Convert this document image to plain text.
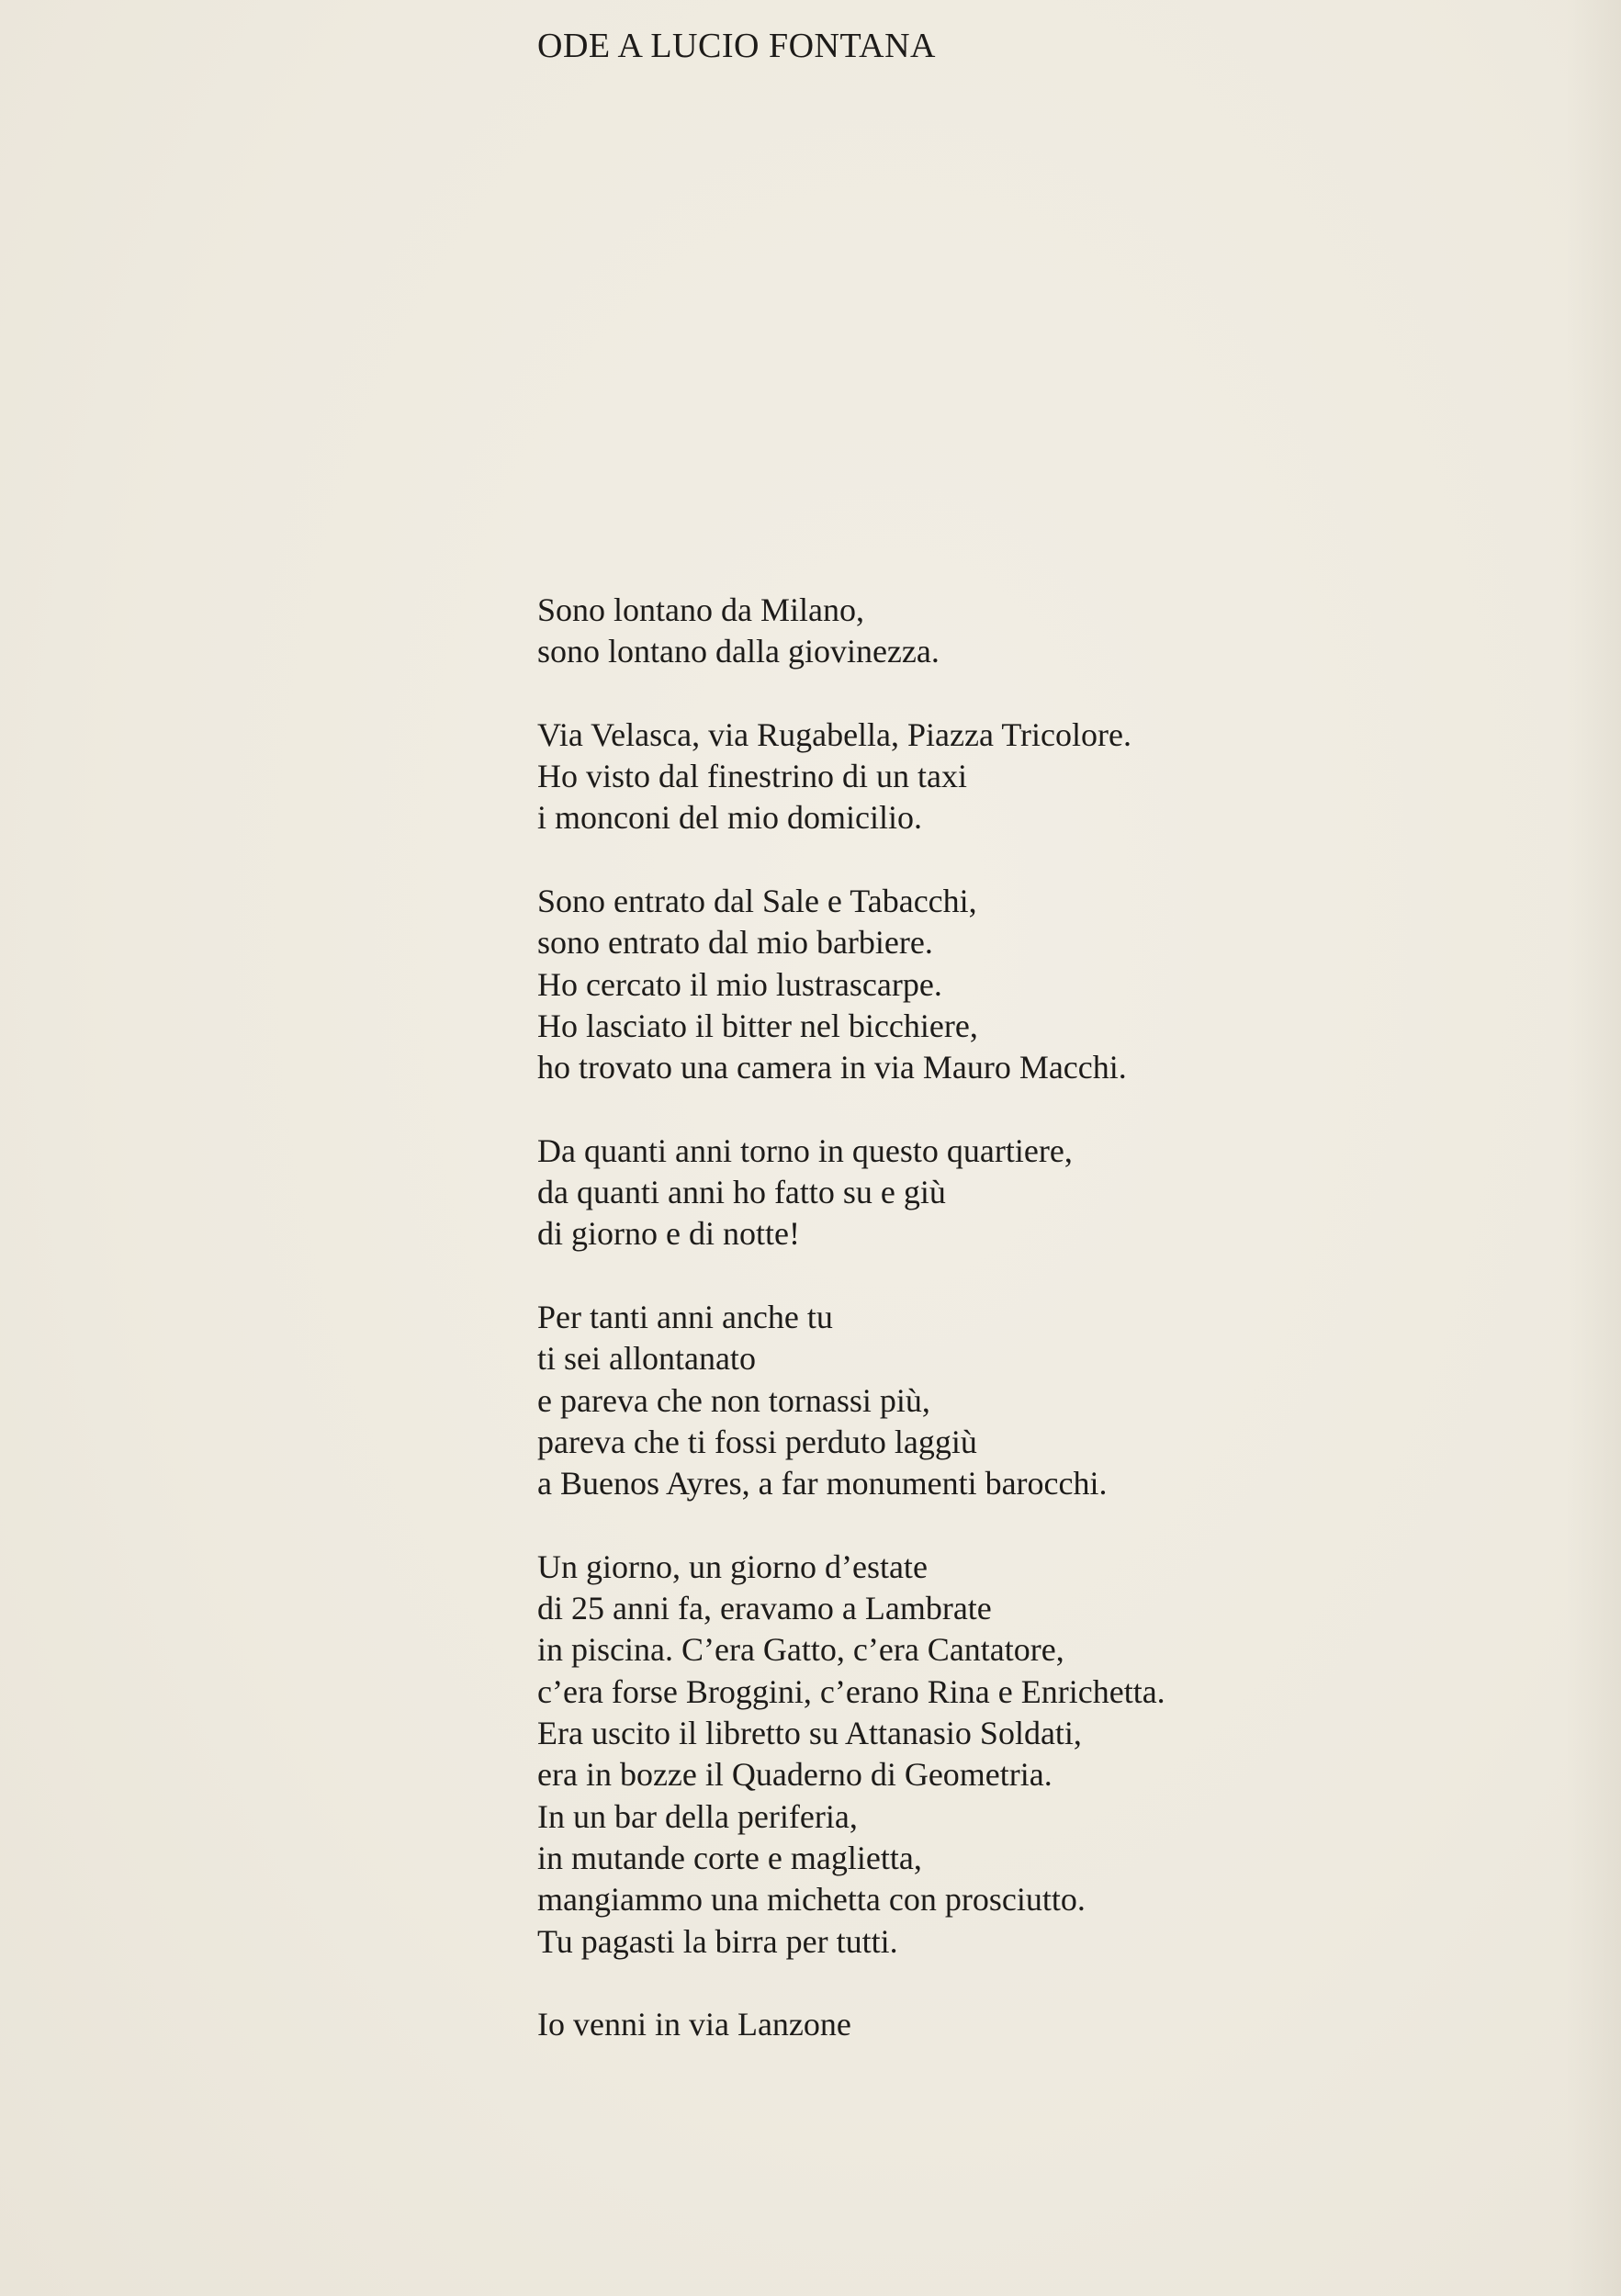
ODE A LUCIO FONTANA
Sono lontano da Milano,
sono lontano dalla giovinezza.
Via Velasca, via Rugabella, Piazza Tricolore.
Ho visto dal finestrino di un taxi
i monconi del mio domicilio.
Sono entrato dal Sale e Tabacchi,
sono entrato dal mio barbiere.
Ho cercato il mio lustrascarpe.
Ho lasciato il bitter nel bicchiere,
ho trovato una camera in via Mauro Macchi.
Da quanti anni torno in questo quartiere,
da quanti anni ho fatto su e giù
di giorno e di notte!
Per tanti anni anche tu
ti sei allontanato
e pareva che non tornassi più,
pareva che ti fossi perduto laggiù
a Buenos Ayres, a far monumenti barocchi.
Un giorno, un giorno d’estate
di 25 anni fa, eravamo a Lambrate
in piscina. C’era Gatto, c’era Cantatore,
c’era forse Broggini, c’erano Rina e Enrichetta.
Era uscito il libretto su Attanasio Soldati,
era in bozze il Quaderno di Geometria.
In un bar della periferia,
in mutande corte e maglietta,
mangiammo una michetta con prosciutto.
Tu pagasti la birra per tutti.
Io venni in via Lanzone
